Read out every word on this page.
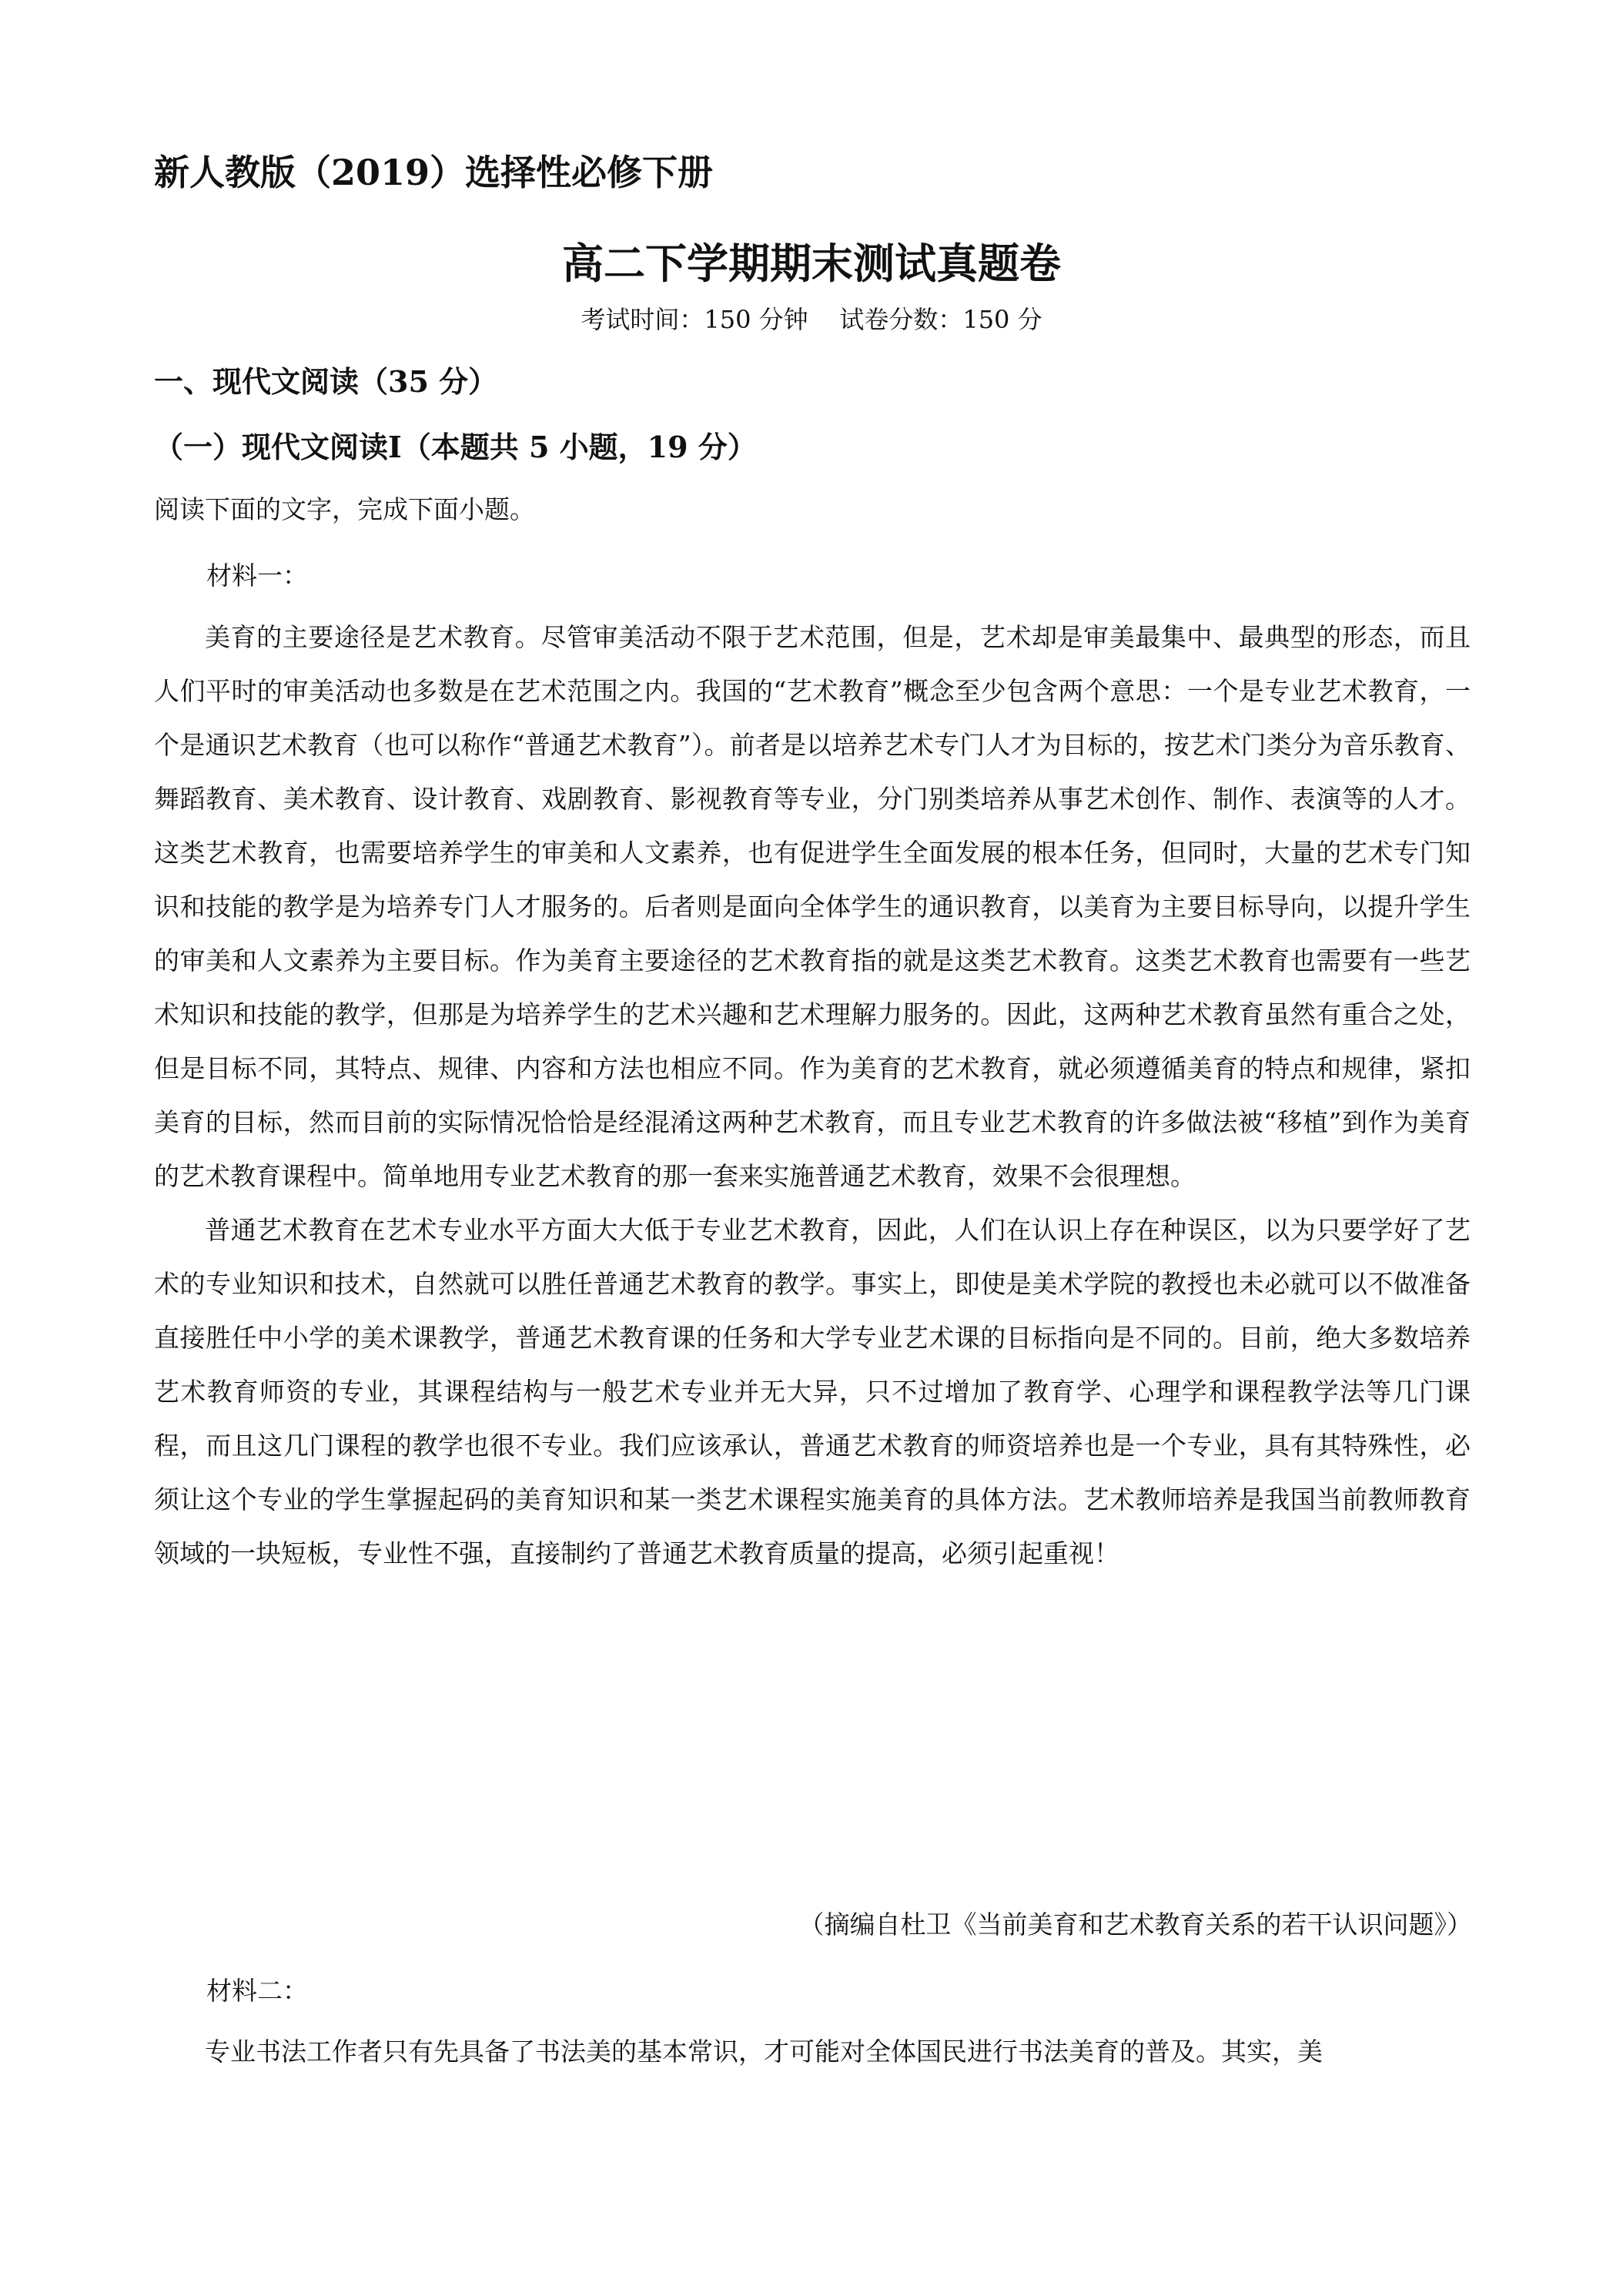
新人教版（2019）选择性必修下册
高二下学期期末测试真题卷
考试时间：150 分钟    试卷分数：150 分
一、现代文阅读（35 分）
（一）现代文阅读Ⅰ（本题共 5 小题，19 分）
阅读下面的文字，完成下面小题。
材料一：

美育的主要途径是艺术教育。尽管审美活动不限于艺术范围，但是，艺术却是审美最集中、最典型的形态，而且人们平时的审美活动也多数是在艺术范围之内。我国的“艺术教育”概念至少包含两个意思：一个是专业艺术教育，一个是通识艺术教育（也可以称作“普通艺术教育”）。前者是以培养艺术专门人才为目标的，按艺术门类分为音乐教育、舞蹈教育、美术教育、设计教育、戏剧教育、影视教育等专业，分门别类培养从事艺术创作、制作、表演等的人才。这类艺术教育，也需要培养学生的审美和人文素养，也有促进学生全面发展的根本任务，但同时，大量的艺术专门知识和技能的教学是为培养专门人才服务的。后者则是面向全体学生的通识教育，以美育为主要目标导向，以提升学生的审美和人文素养为主要目标。作为美育主要途径的艺术教育指的就是这类艺术教育。这类艺术教育也需要有一些艺术知识和技能的教学，但那是为培养学生的艺术兴趣和艺术理解力服务的。因此，这两种艺术教育虽然有重合之处，但是目标不同，其特点、规律、内容和方法也相应不同。作为美育的艺术教育，就必须遵循美育的特点和规律，紧扣美育的目标，然而目前的实际情况恰恰是经混淆这两种艺术教育，而且专业艺术教育的许多做法被“移植”到作为美育的艺术教育课程中。简单地用专业艺术教育的那一套来实施普通艺术教育，效果不会很理想。

普通艺术教育在艺术专业水平方面大大低于专业艺术教育，因此，人们在认识上存在种误区，以为只要学好了艺术的专业知识和技术，自然就可以胜任普通艺术教育的教学。事实上，即使是美术学院的教授也未必就可以不做准备直接胜任中小学的美术课教学，普通艺术教育课的任务和大学专业艺术课的目标指向是不同的。目前，绝大多数培养艺术教育师资的专业，其课程结构与一般艺术专业并无大异，只不过增加了教育学、心理学和课程教学法等几门课程，而且这几门课程的教学也很不专业。我们应该承认，普通艺术教育的师资培养也是一个专业，具有其特殊性，必须让这个专业的学生掌握起码的美育知识和某一类艺术课程实施美育的具体方法。艺术教师培养是我国当前教师教育领域的一块短板，专业性不强，直接制约了普通艺术教育质量的提高，必须引起重视！

（摘编自杜卫《当前美育和艺术教育关系的若干认识问题》）
材料二：

专业书法工作者只有先具备了书法美的基本常识，才可能对全体国民进行书法美育的普及。其实，美
